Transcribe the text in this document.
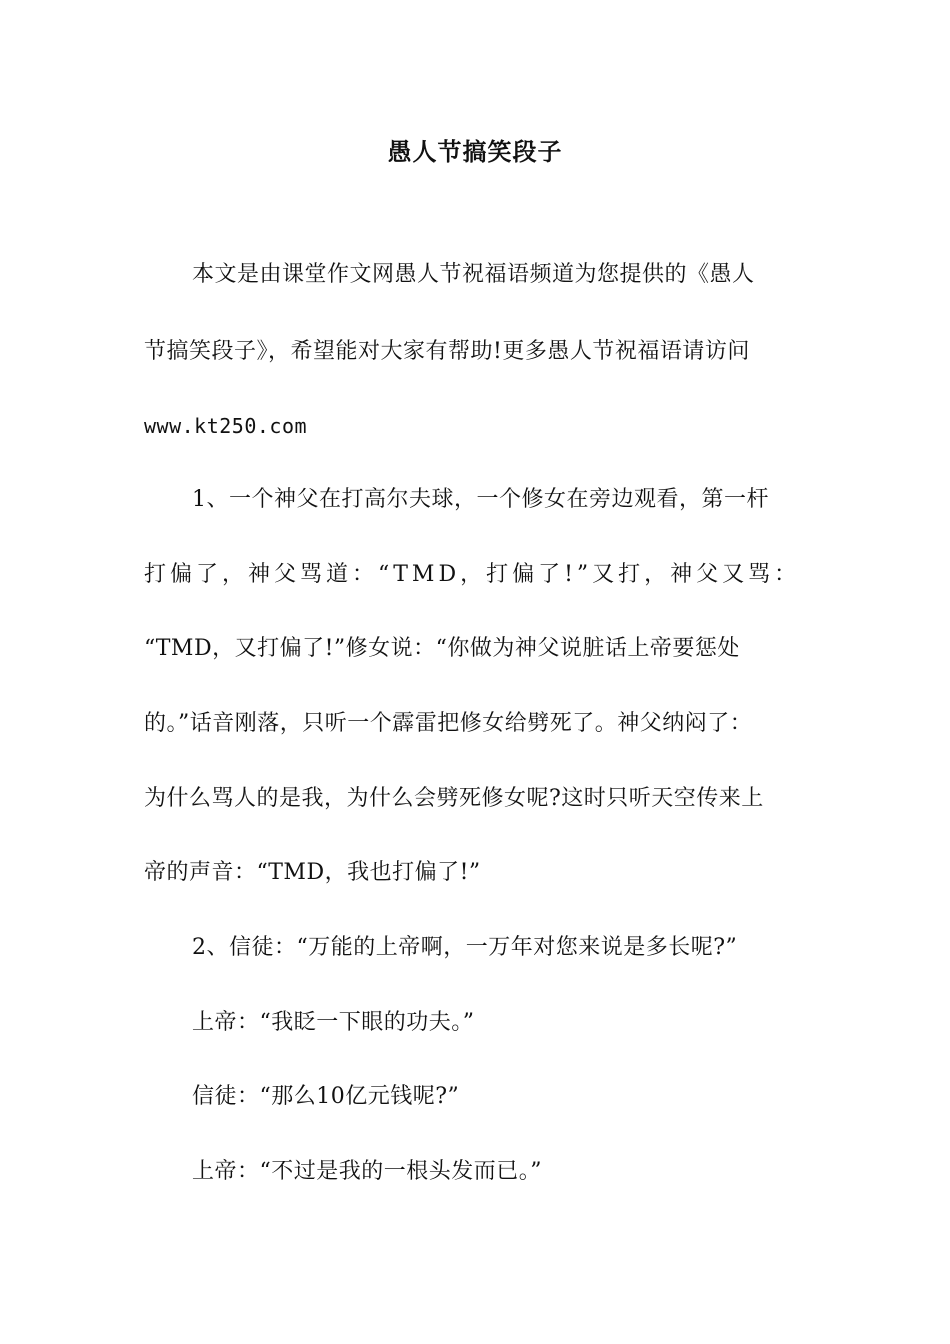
愚人节搞笑段子
本文是由课堂作文网愚人节祝福语频道为您提供的《愚人
节搞笑段子》，希望能对大家有帮助!更多愚人节祝福语请访问
www.kt250.com
1、一个神父在打高尔夫球，一个修女在旁边观看，第一杆
打偏了，神父骂道：“TMD，打偏了!”又打，神父又骂：
“TMD，又打偏了!”修女说：“你做为神父说脏话上帝要惩处
的。”话音刚落，只听一个霹雷把修女给劈死了。神父纳闷了：
为什么骂人的是我，为什么会劈死修女呢?这时只听天空传来上
帝的声音：“TMD，我也打偏了!”
2、信徒：“万能的上帝啊，一万年对您来说是多长呢?”
上帝：“我眨一下眼的功夫。”
信徒：“那么10亿元钱呢?”
上帝：“不过是我的一根头发而已。”
